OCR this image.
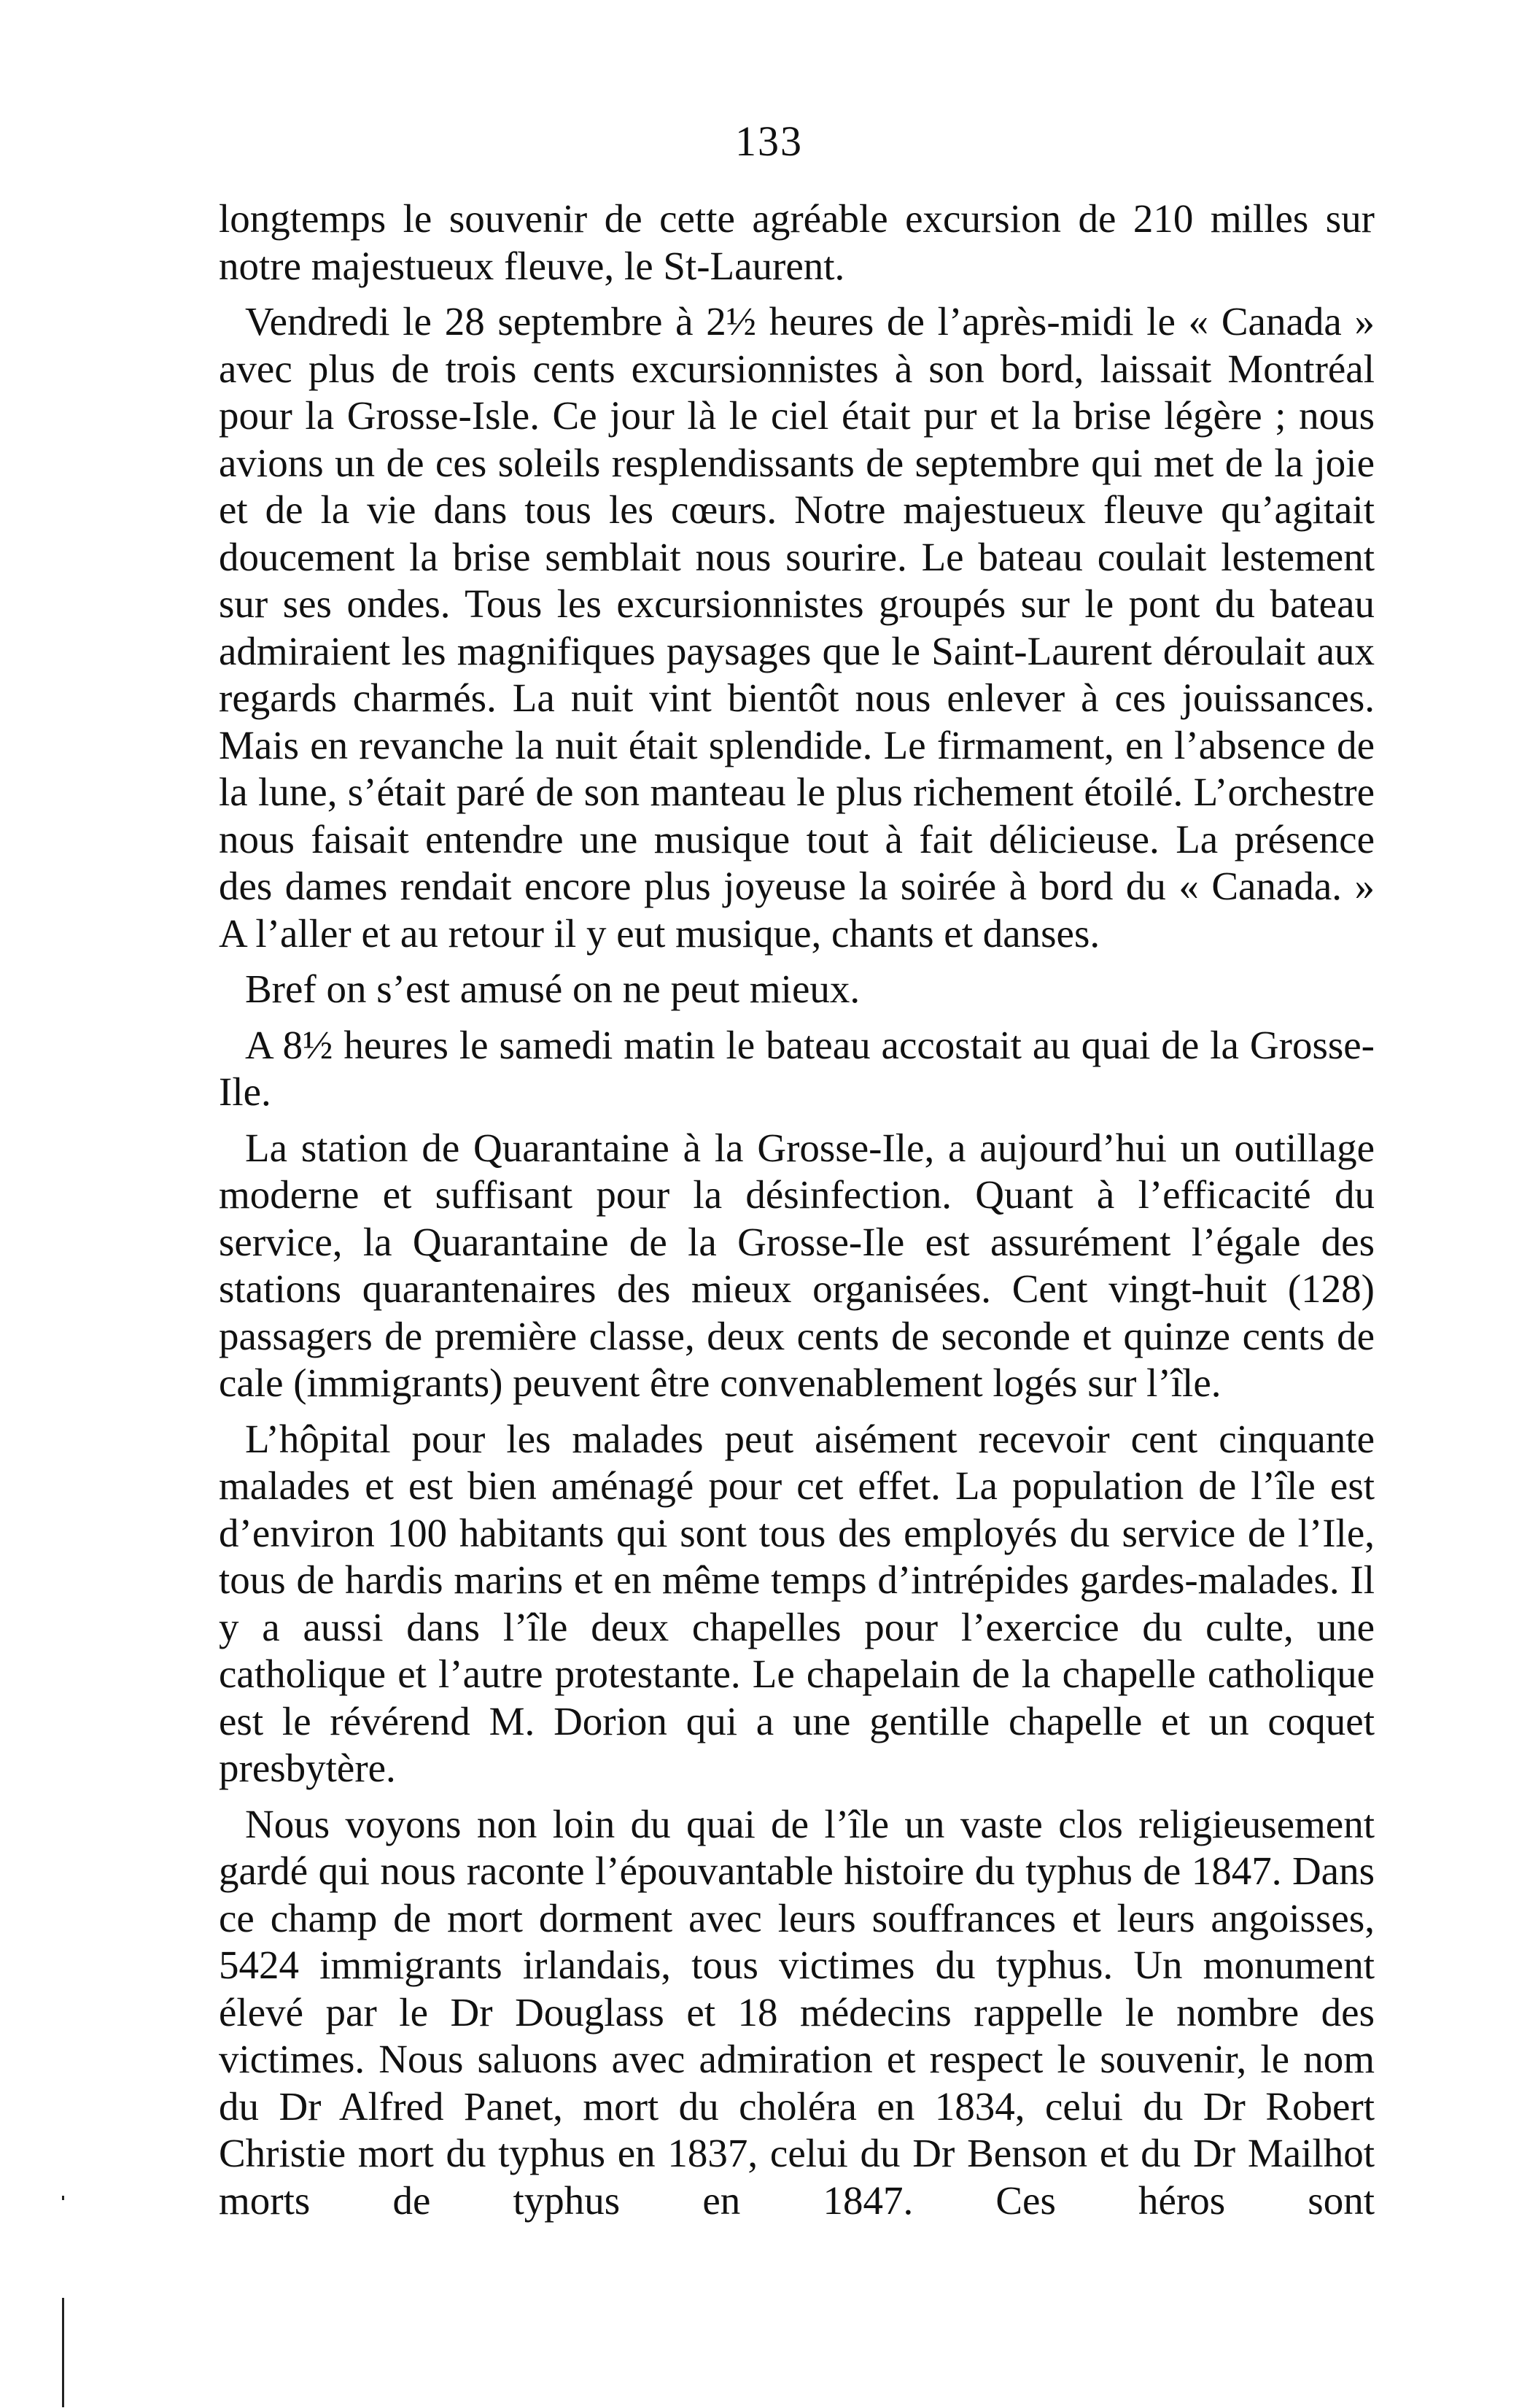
133

longtemps le souvenir de cette agréable excursion de 210 milles sur notre majestueux fleuve, le St-Laurent.

Vendredi le 28 septembre à 2½ heures de l’après-midi le « Canada » avec plus de trois cents excursionnistes à son bord, laissait Montréal pour la Grosse-Isle. Ce jour là le ciel était pur et la brise légère ; nous avions un de ces soleils resplendissants de septembre qui met de la joie et de la vie dans tous les cœurs. Notre majestueux fleuve qu’agitait doucement la brise semblait nous sourire. Le bateau coulait lestement sur ses ondes. Tous les excursionnistes groupés sur le pont du bateau admiraient les magnifiques paysages que le Saint-Laurent déroulait aux regards charmés. La nuit vint bientôt nous enlever à ces jouissances. Mais en revanche la nuit était splendide. Le firmament, en l’absence de la lune, s’était paré de son manteau le plus richement étoilé. L’orchestre nous faisait entendre une musique tout à fait délicieuse. La présence des dames rendait encore plus joyeuse la soirée à bord du « Canada. » A l’aller et au retour il y eut musique, chants et danses.

Bref on s’est amusé on ne peut mieux.

A 8½ heures le samedi matin le bateau accostait au quai de la Grosse-Ile.

La station de Quarantaine à la Grosse-Ile, a aujourd’hui un outillage moderne et suffisant pour la désinfection. Quant à l’efficacité du service, la Quarantaine de la Grosse-Ile est assurément l’égale des stations quarantenaires des mieux organisées. Cent vingt-huit (128) passagers de première classe, deux cents de seconde et quinze cents de cale (immigrants) peuvent être convenablement logés sur l’île.

L’hôpital pour les malades peut aisément recevoir cent cinquante malades et est bien aménagé pour cet effet. La population de l’île est d’environ 100 habitants qui sont tous des employés du service de l’Ile, tous de hardis marins et en même temps d’intrépides gardes-malades. Il y a aussi dans l’île deux chapelles pour l’exercice du culte, une catholique et l’autre protestante. Le chapelain de la chapelle catholique est le révérend M. Dorion qui a une gentille chapelle et un coquet presbytère.

Nous voyons non loin du quai de l’île un vaste clos religieusement gardé qui nous raconte l’épouvantable histoire du typhus de 1847. Dans ce champ de mort dorment avec leurs souffrances et leurs angoisses, 5424 immigrants irlandais, tous victimes du typhus. Un monument élevé par le Dr Douglass et 18 médecins rappelle le nombre des victimes. Nous saluons avec admiration et respect le souvenir, le nom du Dr Alfred Panet, mort du choléra en 1834, celui du Dr Robert Christie mort du typhus en 1837, celui du Dr Benson et du Dr Mailhot morts de typhus en 1847. Ces héros sont
